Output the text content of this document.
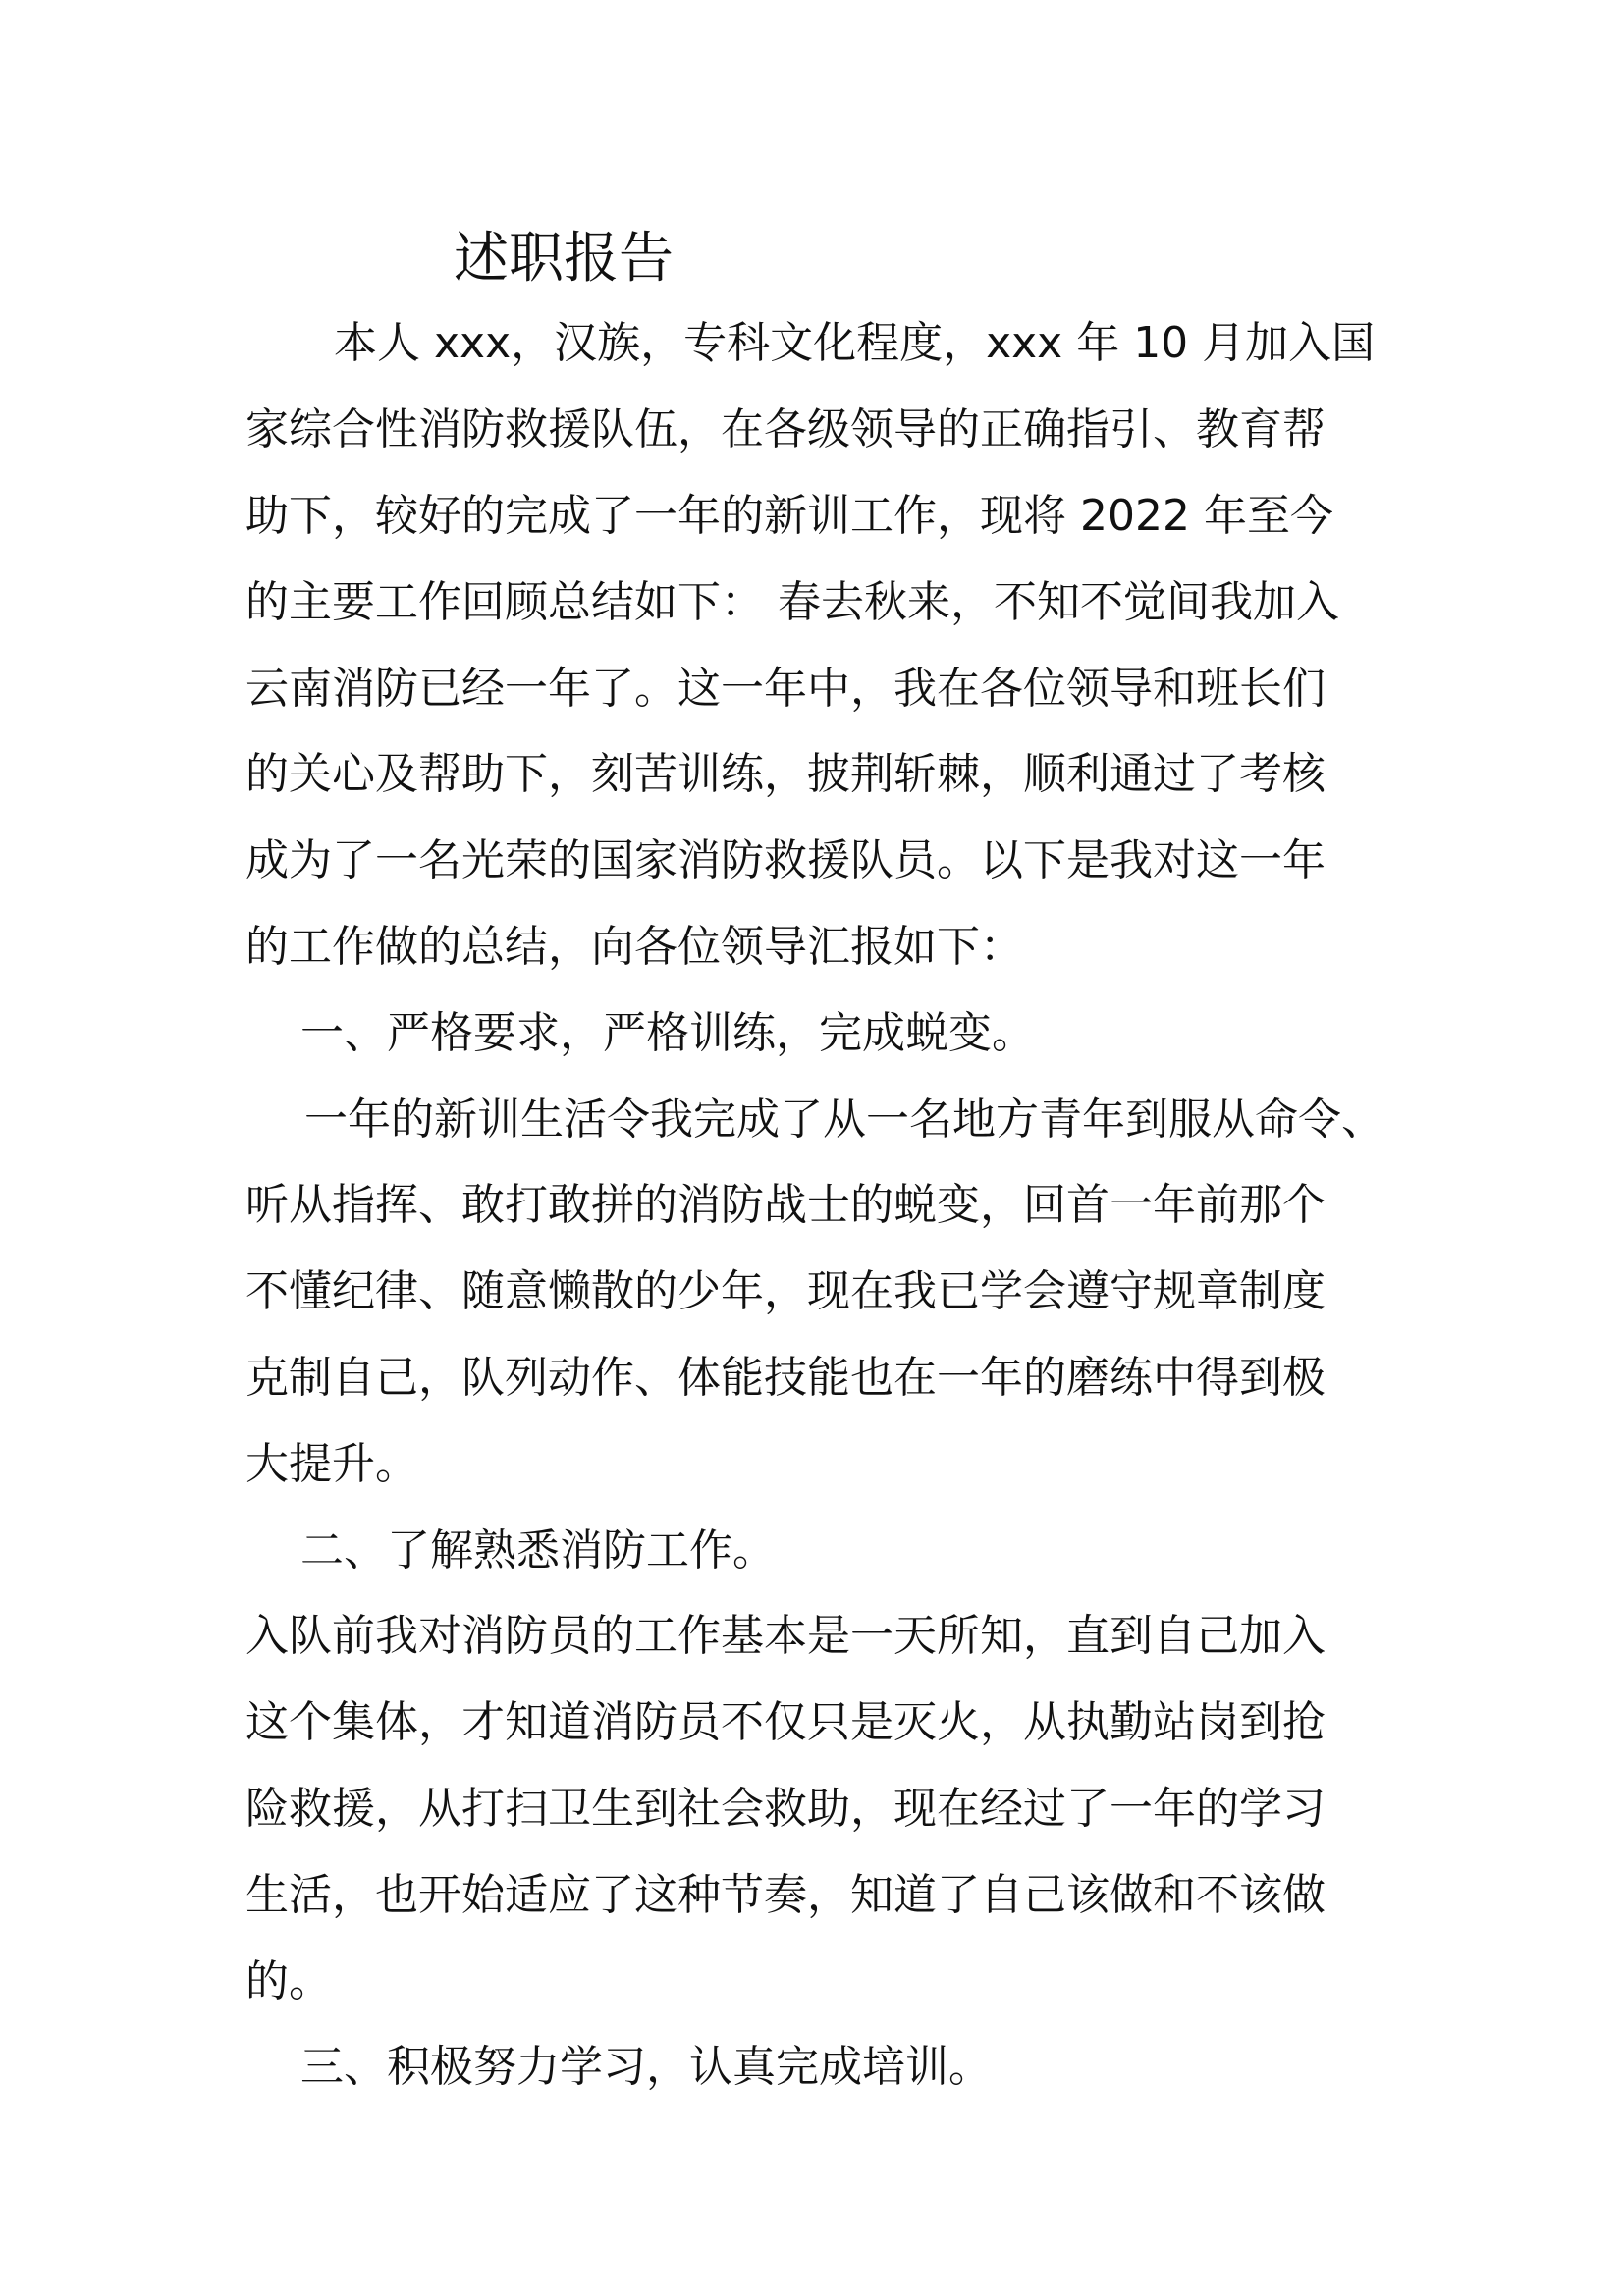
述职报告

本人 xxx，汉族，专科文化程度，xxx 年 10 月加入国

家综合性消防救援队伍，在各级领导的正确指引、教育帮

助下，较好的完成了一年的新训工作，现将 2022 年至今

的主要工作回顾总结如下： 春去秋来，不知不觉间我加入

云南消防已经一年了。这一年中，我在各位领导和班长们

的关心及帮助下，刻苦训练，披荆斩棘，顺利通过了考核

成为了一名光荣的国家消防救援队员。以下是我对这一年

的工作做的总结，向各位领导汇报如下：

一、严格要求，严格训练，完成蜕变。

一年的新训生活令我完成了从一名地方青年到服从命令、

听从指挥、敢打敢拼的消防战士的蜕变，回首一年前那个

不懂纪律、随意懒散的少年，现在我已学会遵守规章制度

克制自己，队列动作、体能技能也在一年的磨练中得到极

大提升。

二、了解熟悉消防工作。

入队前我对消防员的工作基本是一天所知，直到自己加入

这个集体，才知道消防员不仅只是灭火，从执勤站岗到抢

险救援，从打扫卫生到社会救助，现在经过了一年的学习

生活，也开始适应了这种节奏，知道了自己该做和不该做

的。

三、积极努力学习，认真完成培训。
